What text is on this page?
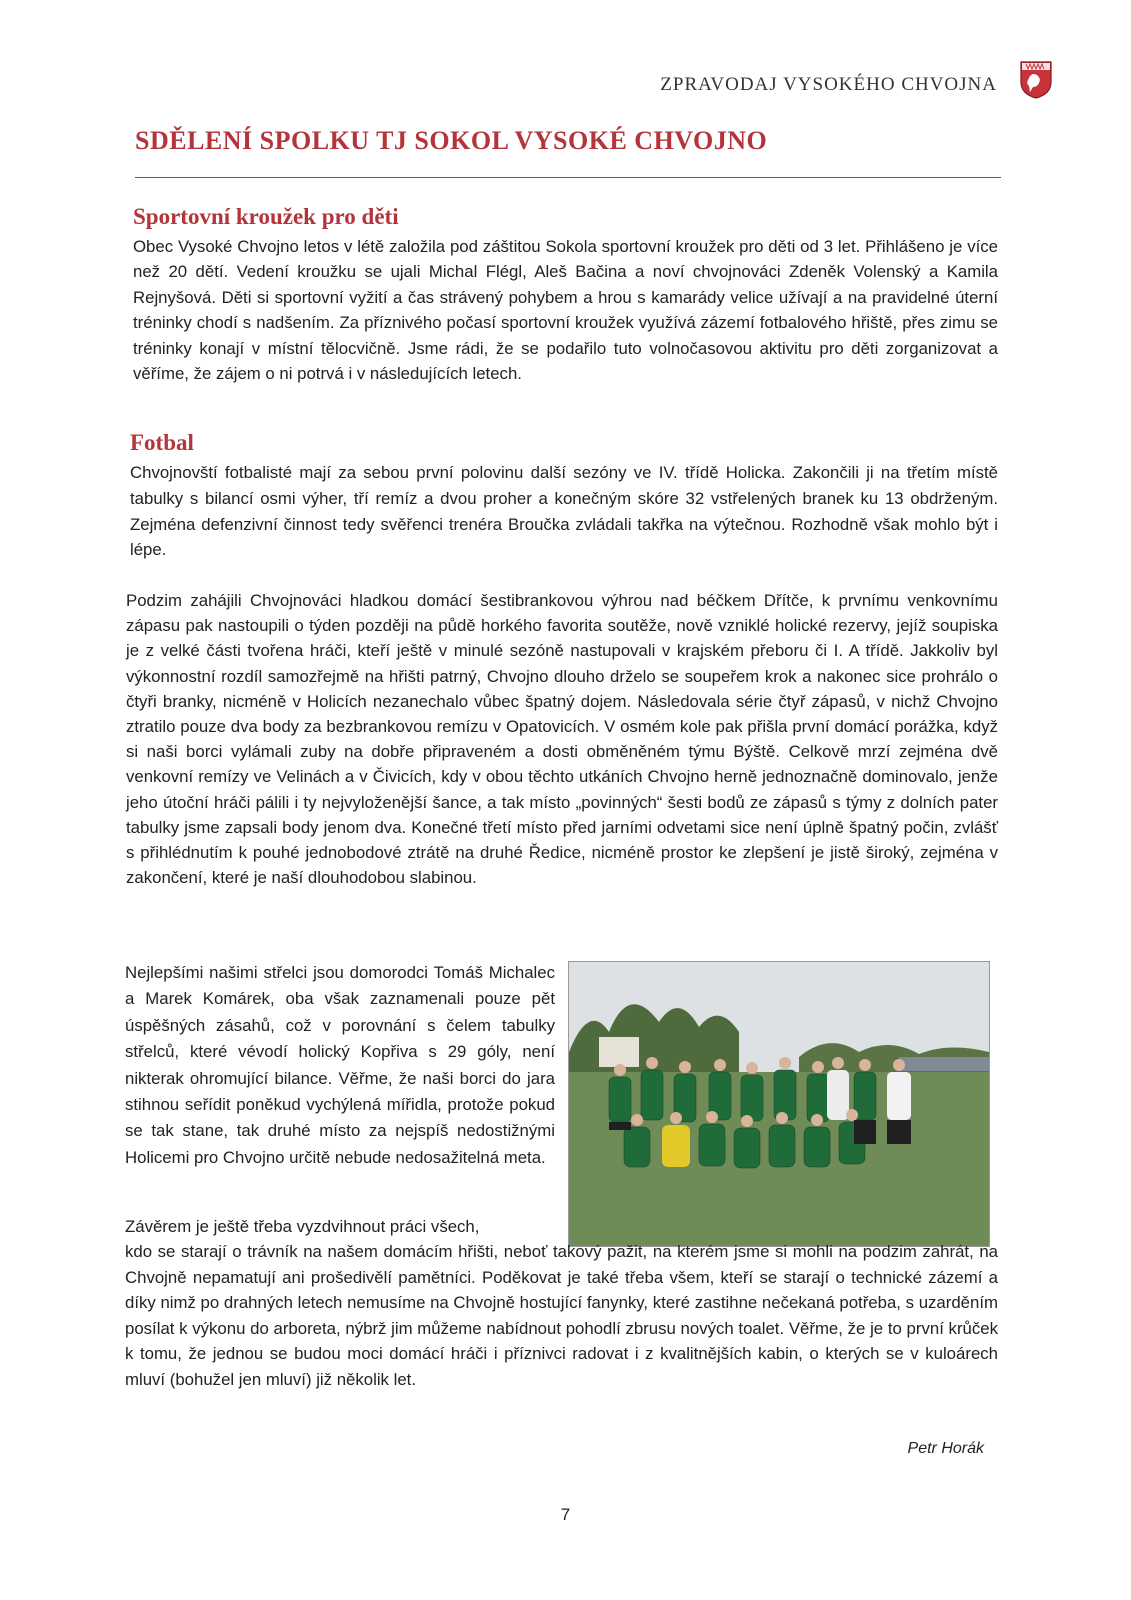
ZPRAVODAJ VYSOKÉHO CHVOJNA
SDĚLENÍ SPOLKU TJ SOKOL VYSOKÉ CHVOJNO
Sportovní kroužek pro děti

Obec Vysoké Chvojno letos v létě založila pod záštitou Sokola sportovní kroužek pro děti od 3 let. Přihlášeno je více než 20 dětí. Vedení kroužku se ujali Michal Flégl, Aleš Bačina a noví chvojnováci Zdeněk Volenský a Kamila Rejnyšová. Děti si sportovní vyžití a čas strávený pohybem a hrou s kamarády velice užívají a na pravidelné úterní tréninky chodí s nadšením. Za příznivého počasí sportovní kroužek využívá zázemí fotbalového hřiště, přes zimu se tréninky konají v místní tělocvičně. Jsme rádi, že se podařilo tuto volnočasovou aktivitu pro děti zorganizovat a věříme, že zájem o ni potrvá i v následujících letech.

Fotbal

Chvojnovští fotbalisté mají za sebou první polovinu další sezóny ve IV. třídě Holicka. Zakončili ji na třetím místě tabulky s bilancí osmi výher, tří remíz a dvou proher a konečným skóre 32 vstřelených branek ku 13 obdrženým. Zejména defenzivní činnost tedy svěřenci trenéra Broučka zvládali takřka na výtečnou. Rozhodně však mohlo být i lépe.

Podzim zahájili Chvojnováci hladkou domácí šestibrankovou výhrou nad béčkem Dřítče, k prvnímu venkovnímu zápasu pak nastoupili o týden později na půdě horkého favorita soutěže, nově vzniklé holické rezervy, jejíž soupiska je z velké části tvořena hráči, kteří ještě v minulé sezóně nastupovali v krajském přeboru či I. A třídě. Jakkoliv byl výkonnostní rozdíl samozřejmě na hřišti patrný, Chvojno dlouho drželo se soupeřem krok a nakonec sice prohrálo o čtyři branky, nicméně v Holicích nezanechalo vůbec špatný dojem. Následovala série čtyř zápasů, v nichž Chvojno ztratilo pouze dva body za bezbrankovou remízu v Opatovicích. V osmém kole pak přišla první domácí porážka, když si naši borci vylámali zuby na dobře připraveném a dosti obměněném týmu Býště. Celkově mrzí zejména dvě venkovní remízy ve Velinách a v Čivicích, kdy v obou těchto utkáních Chvojno herně jednoznačně dominovalo, jenže jeho útoční hráči pálili i ty nejvyloženější šance, a tak místo „povinných“ šesti bodů ze zápasů s týmy z dolních pater tabulky jsme zapsali body jenom dva. Konečné třetí místo před jarními odvetami sice není úplně špatný počin, zvlášť s přihlédnutím k pouhé jednobodové ztrátě na druhé Ředice, nicméně prostor ke zlepšení je jistě široký, zejména v zakončení, které je naší dlouhodobou slabinou.

Nejlepšími našimi střelci jsou domorodci Tomáš Michalec a Marek Komárek, oba však zaznamenali pouze pět úspěšných zásahů, což v porovnání s čelem tabulky střelců, které vévodí holický Kopřiva s 29 góly, není nikterak ohromující bilance. Věřme, že naši borci do jara stihnou seřídit poněkud vychýlená mířidla, protože pokud se tak stane, tak druhé místo za nejspíš nedostižnými Holicemi pro Chvojno určitě nebude nedosažitelná meta.

Závěrem je ještě třeba vyzdvihnout práci všech,

kdo se starají o trávník na našem domácím hřišti, neboť takový pažit, na kterém jsme si mohli na podzim zahrát, na Chvojně nepamatují ani prošedivělí pamětníci. Poděkovat je také třeba všem, kteří se starají o technické zázemí a díky nimž po drahných letech nemusíme na Chvojně hostující fanynky, které zastihne nečekaná potřeba, s uzarděním posílat k výkonu do arboreta, nýbrž jim můžeme nabídnout pohodlí zbrusu nových toalet. Věřme, že je to první krůček k tomu, že jednou se budou moci domácí hráči i příznivci radovat i z kvalitnějších kabin, o kterých se v kuloárech mluví (bohužel jen mluví) již několik let.

Petr Horák

7
